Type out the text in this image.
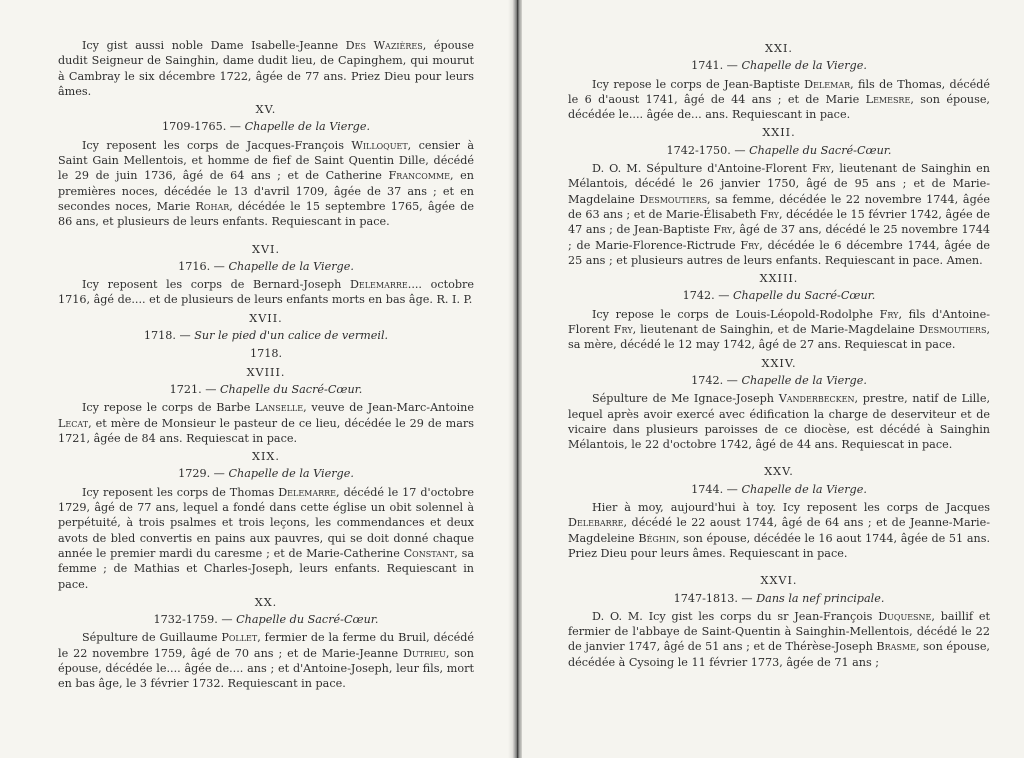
Icy gist aussi noble Dame Isabelle-Jeanne Des Wazières, épouse dudit Seigneur de Sainghin, dame dudit lieu, de Capinghem, qui mourut à Cambray le six décembre 1722, âgée de 77 ans. Priez Dieu pour leurs âmes.

XV.
1709-1765. — Chapelle de la Vierge.

Icy reposent les corps de Jacques-François Willoquet, censier à Saint Gain Mellentois, et homme de fief de Saint Quentin Dille, décédé le 29 de juin 1736, âgé de 64 ans ; et de Catherine Francomme, en premières noces, décédée le 13 d'avril 1709, âgée de 37 ans ; et en secondes noces, Marie Rohar, décédée le 15 septembre 1765, âgée de 86 ans, et plusieurs de leurs enfants. Requiescant in pace.

XVI.
1716. — Chapelle de la Vierge.

Icy reposent les corps de Bernard-Joseph Delemarre.... octobre 1716, âgé de.... et de plusieurs de leurs enfants morts en bas âge. R. I. P.

XVII.
1718. — Sur le pied d'un calice de vermeil.
1718.
XVIII.
1721. — Chapelle du Sacré-Cœur.

Icy repose le corps de Barbe Lanselle, veuve de Jean-Marc-Antoine Lecat, et mère de Monsieur le pasteur de ce lieu, décédée le 29 de mars 1721, âgée de 84 ans. Requiescat in pace.

XIX.
1729. — Chapelle de la Vierge.

Icy reposent les corps de Thomas Delemarre, décédé le 17 d'octobre 1729, âgé de 77 ans, lequel a fondé dans cette église un obit solennel à perpétuité, à trois psalmes et trois leçons, les commendances et deux avots de bled convertis en pains aux pauvres, qui se doit donné chaque année le premier mardi du caresme ; et de Marie-Catherine Constant, sa femme ; de Mathias et Charles-Joseph, leurs enfants. Requiescant in pace.

XX.
1732-1759. — Chapelle du Sacré-Cœur.

Sépulture de Guillaume Pollet, fermier de la ferme du Bruil, décédé le 22 novembre 1759, âgé de 70 ans ; et de Marie-Jeanne Dutrieu, son épouse, décédée le.... âgée de.... ans ; et d'Antoine-Joseph, leur fils, mort en bas âge, le 3 février 1732. Requiescant in pace.

XXI.
1741. — Chapelle de la Vierge.

Icy repose le corps de Jean-Baptiste Delemar, fils de Thomas, décédé le 6 d'aoust 1741, âgé de 44 ans ; et de Marie Lemesre, son épouse, décédée le.... âgée de... ans. Requiescant in pace.

XXII.
1742-1750. — Chapelle du Sacré-Cœur.

D. O. M. Sépulture d'Antoine-Florent Fry, lieutenant de Sainghin en Mélantois, décédé le 26 janvier 1750, âgé de 95 ans ; et de Marie-Magdelaine Desmoutiers, sa femme, décédée le 22 novembre 1744, âgée de 63 ans ; et de Marie-Élisabeth Fry, décédée le 15 février 1742, âgée de 47 ans ; de Jean-Baptiste Fry, âgé de 37 ans, décédé le 25 novembre 1744 ; de Marie-Florence-Rictrude Fry, décédée le 6 décembre 1744, âgée de 25 ans ; et plusieurs autres de leurs enfants. Requiescant in pace. Amen.

XXIII.
1742. — Chapelle du Sacré-Cœur.

Icy repose le corps de Louis-Léopold-Rodolphe Fry, fils d'Antoine-Florent Fry, lieutenant de Sainghin, et de Marie-Magdelaine Desmoutiers, sa mère, décédé le 12 may 1742, âgé de 27 ans. Requiescat in pace.

XXIV.
1742. — Chapelle de la Vierge.

Sépulture de Me Ignace-Joseph Vanderbecken, prestre, natif de Lille, lequel après avoir exercé avec édification la charge de deserviteur et de vicaire dans plusieurs paroisses de ce diocèse, est décédé à Sainghin Mélantois, le 22 d'octobre 1742, âgé de 44 ans. Requiescat in pace.

XXV.
1744. — Chapelle de la Vierge.

Hier à moy, aujourd'hui à toy. Icy reposent les corps de Jacques Delebarre, décédé le 22 aoust 1744, âgé de 64 ans ; et de Jeanne-Marie-Magdeleine Béghin, son épouse, décédée le 16 aout 1744, âgée de 51 ans. Priez Dieu pour leurs âmes. Requiescant in pace.

XXVI.
1747-1813. — Dans la nef principale.

D. O. M. Icy gist les corps du sr Jean-François Duquesne, baillif et fermier de l'abbaye de Saint-Quentin à Sainghin-Mellentois, décédé le 22 de janvier 1747, âgé de 51 ans ; et de Thérèse-Joseph Brasme, son épouse, décédée à Cysoing le 11 février 1773, âgée de 71 ans ;
